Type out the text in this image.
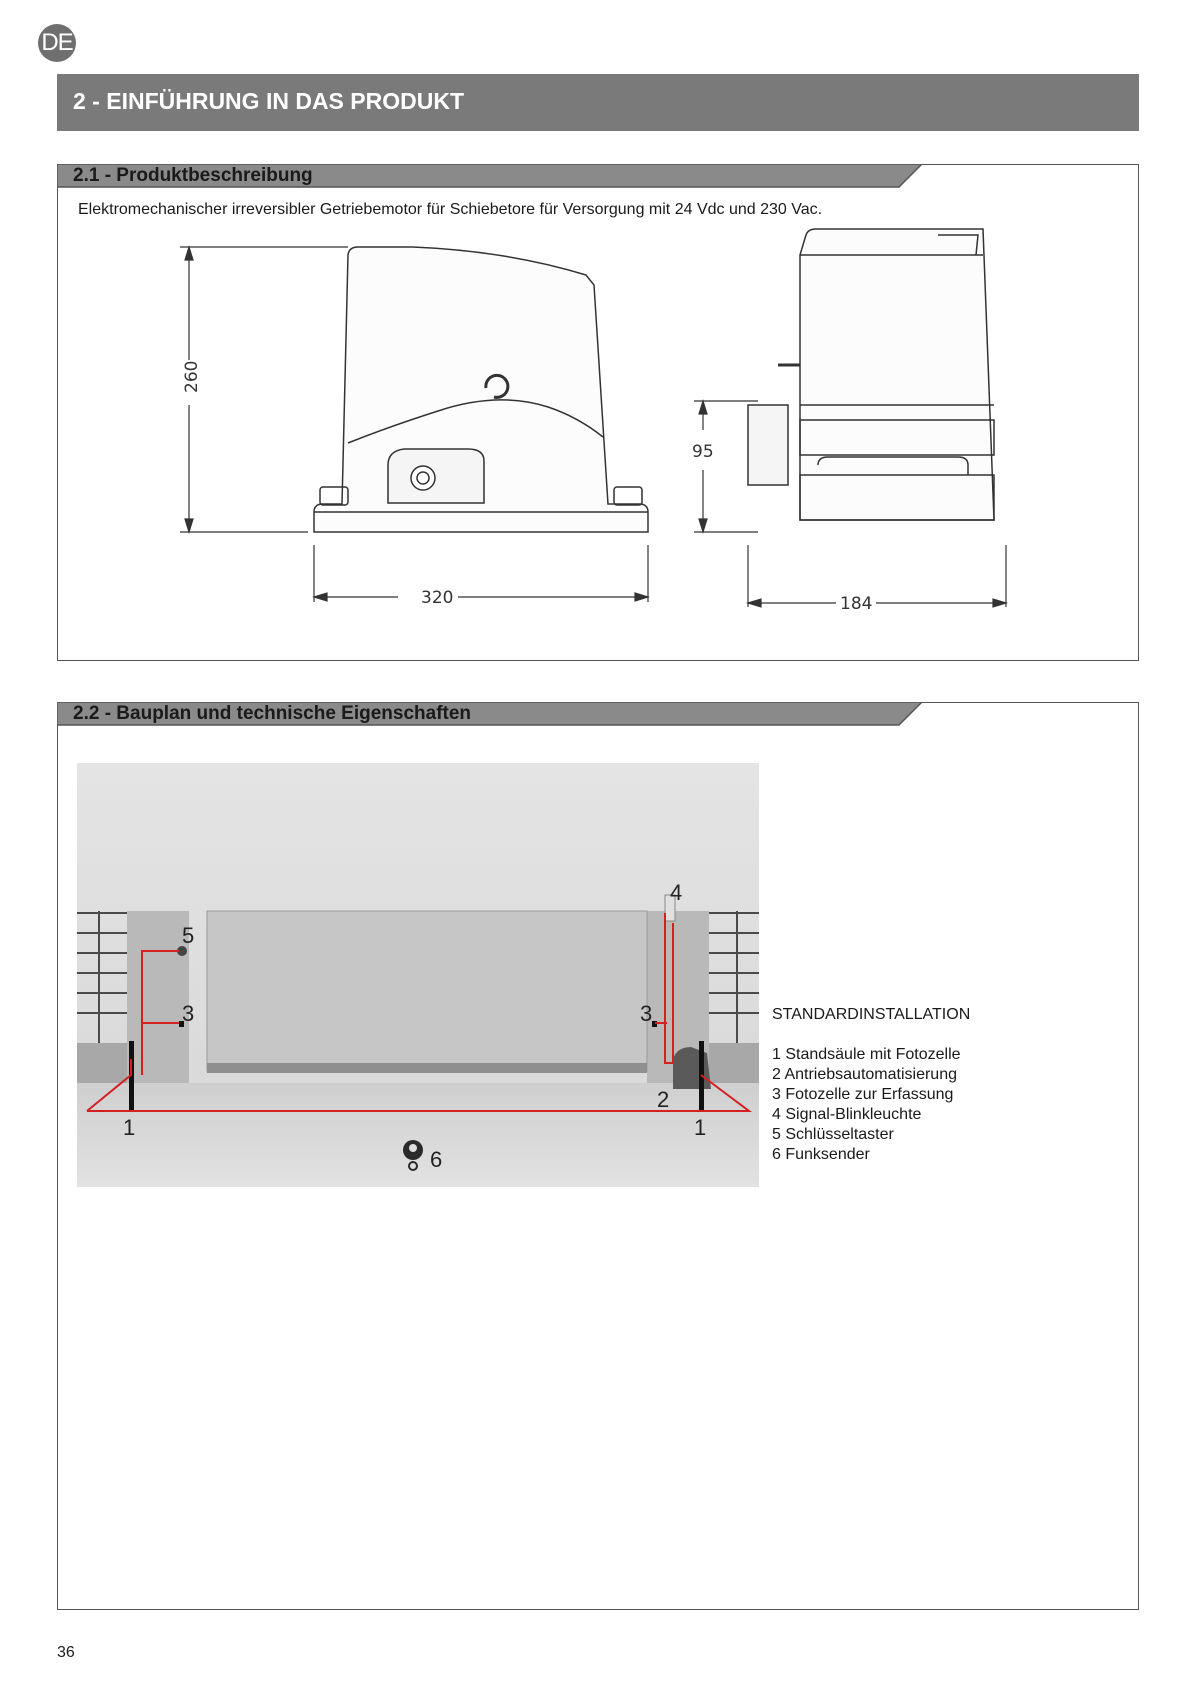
DE
2 - EINFÜHRUNG IN DAS PRODUKT
2.1 - Produktbeschreibung

Elektromechanischer irreversibler Getriebemotor für Schiebetore für Versorgung mit 24 Vdc und 230 Vac.

260
320
95
184
2.2 - Bauplan und technische Eigenschaften
1	1
2
3	3
4
5
6

STANDARDINSTALLATION

1 Standsäule mit Fotozelle
2 Antriebsautomatisierung
3 Fotozelle zur Erfassung
4 Signal-Blinkleuchte
5 Schlüsseltaster
6 Funksender

36
